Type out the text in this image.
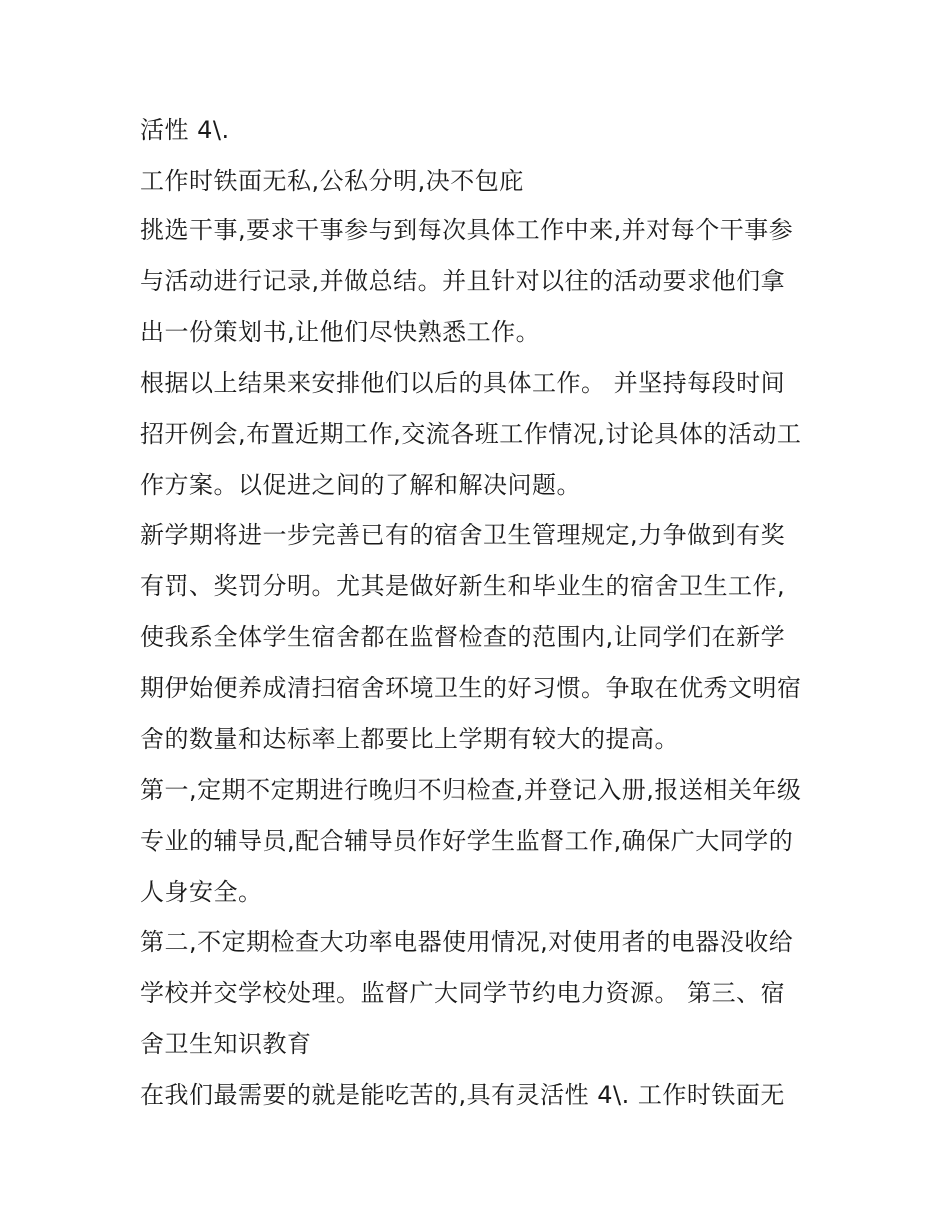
活性 4\.
工作时铁面无私,公私分明,决不包庇
挑选干事,要求干事参与到每次具体工作中来,并对每个干事参
与活动进行记录,并做总结。并且针对以往的活动要求他们拿
出一份策划书,让他们尽快熟悉工作。
根据以上结果来安排他们以后的具体工作。 并坚持每段时间
招开例会,布置近期工作,交流各班工作情况,讨论具体的活动工
作方案。以促进之间的了解和解决问题。
新学期将进一步完善已有的宿舍卫生管理规定,力争做到有奖
有罚、奖罚分明。尤其是做好新生和毕业生的宿舍卫生工作,
使我系全体学生宿舍都在监督检查的范围内,让同学们在新学
期伊始便养成清扫宿舍环境卫生的好习惯。争取在优秀文明宿
舍的数量和达标率上都要比上学期有较大的提高。
第一,定期不定期进行晚归不归检查,并登记入册,报送相关年级
专业的辅导员,配合辅导员作好学生监督工作,确保广大同学的
人身安全。
第二,不定期检查大功率电器使用情况,对使用者的电器没收给
学校并交学校处理。监督广大同学节约电力资源。 第三、宿
舍卫生知识教育
在我们最需要的就是能吃苦的,具有灵活性 4\. 工作时铁面无
